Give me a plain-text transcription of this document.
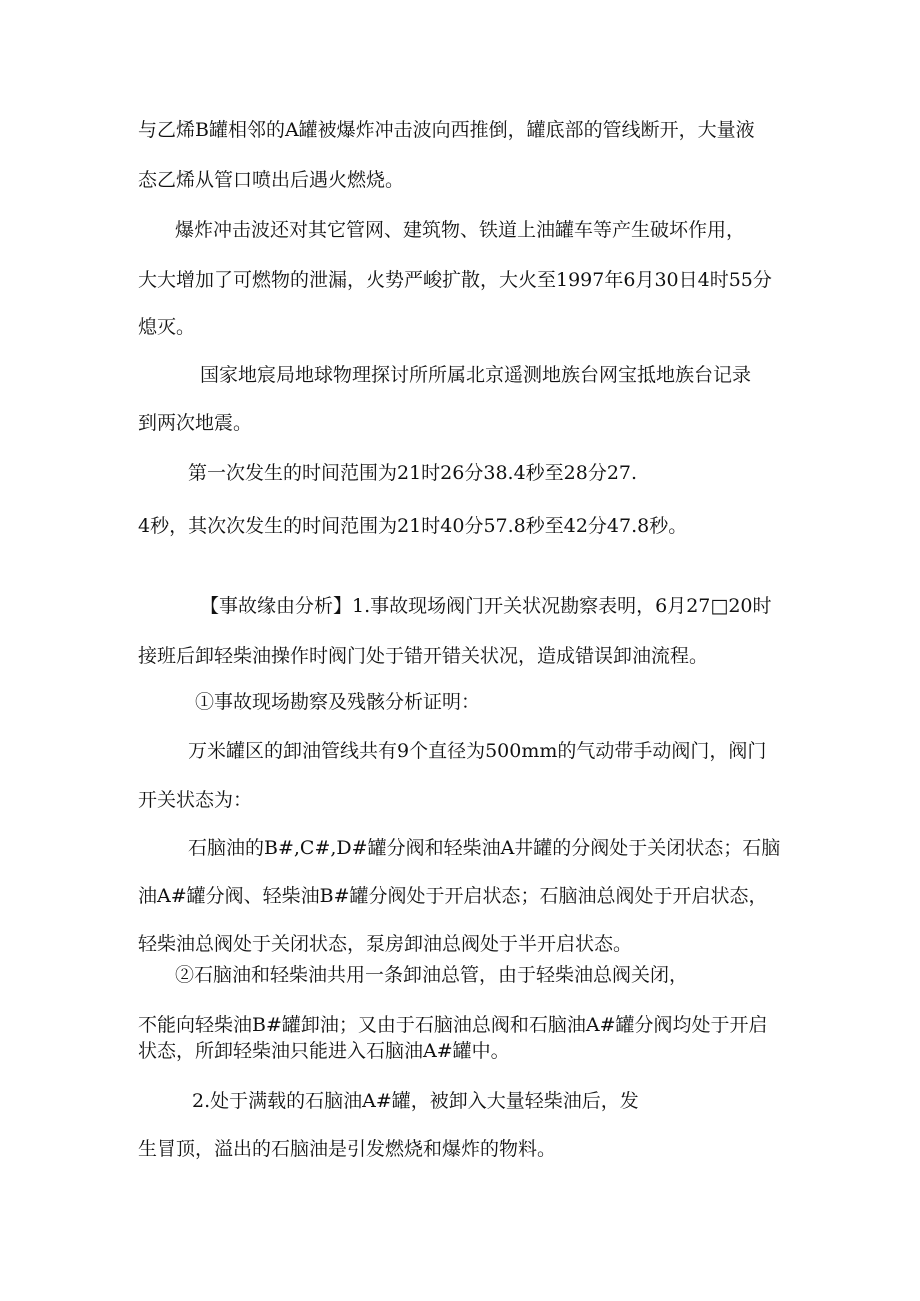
与乙烯B罐相邻的A罐被爆炸冲击波向西推倒，罐底部的管线断开，大量液

态乙烯从管口喷出后遇火燃烧。

爆炸冲击波还对其它管网、建筑物、铁道上油罐车等产生破坏作用，

大大增加了可燃物的泄漏，火势严峻扩散，大火至1997年6月30日4时55分

熄灭。

国家地宸局地球物理探讨所所属北京遥测地族台网宝抵地族台记录

到两次地震。

第一次发生的时间范围为21时26分38.4秒至28分27.

4秒，其次次发生的时间范围为21时40分57.8秒至42分47.8秒。

【事故缘由分析】1.事故现场阀门开关状况勘察表明，6月27□20时

接班后卸轻柴油操作时阀门处于错开错关状况，造成错误卸油流程。

①事故现场勘察及残骸分析证明：

万米罐区的卸油管线共有9个直径为500mm的气动带手动阀门，阀门

开关状态为：

石脑油的B#,C#,D#罐分阀和轻柴油A井罐的分阀处于关闭状态；石脑

油A#罐分阀、轻柴油B#罐分阀处于开启状态；石脑油总阀处于开启状态，

轻柴油总阀处于关闭状态，泵房卸油总阀处于半开启状态。

②石脑油和轻柴油共用一条卸油总管，由于轻柴油总阀关闭，

不能向轻柴油B#罐卸油；又由于石脑油总阀和石脑油A#罐分阀均处于开启

状态，所卸轻柴油只能进入石脑油A#罐中。

2.处于满载的石脑油A#罐，被卸入大量轻柴油后，发

生冒顶，溢出的石脑油是引发燃烧和爆炸的物料。
